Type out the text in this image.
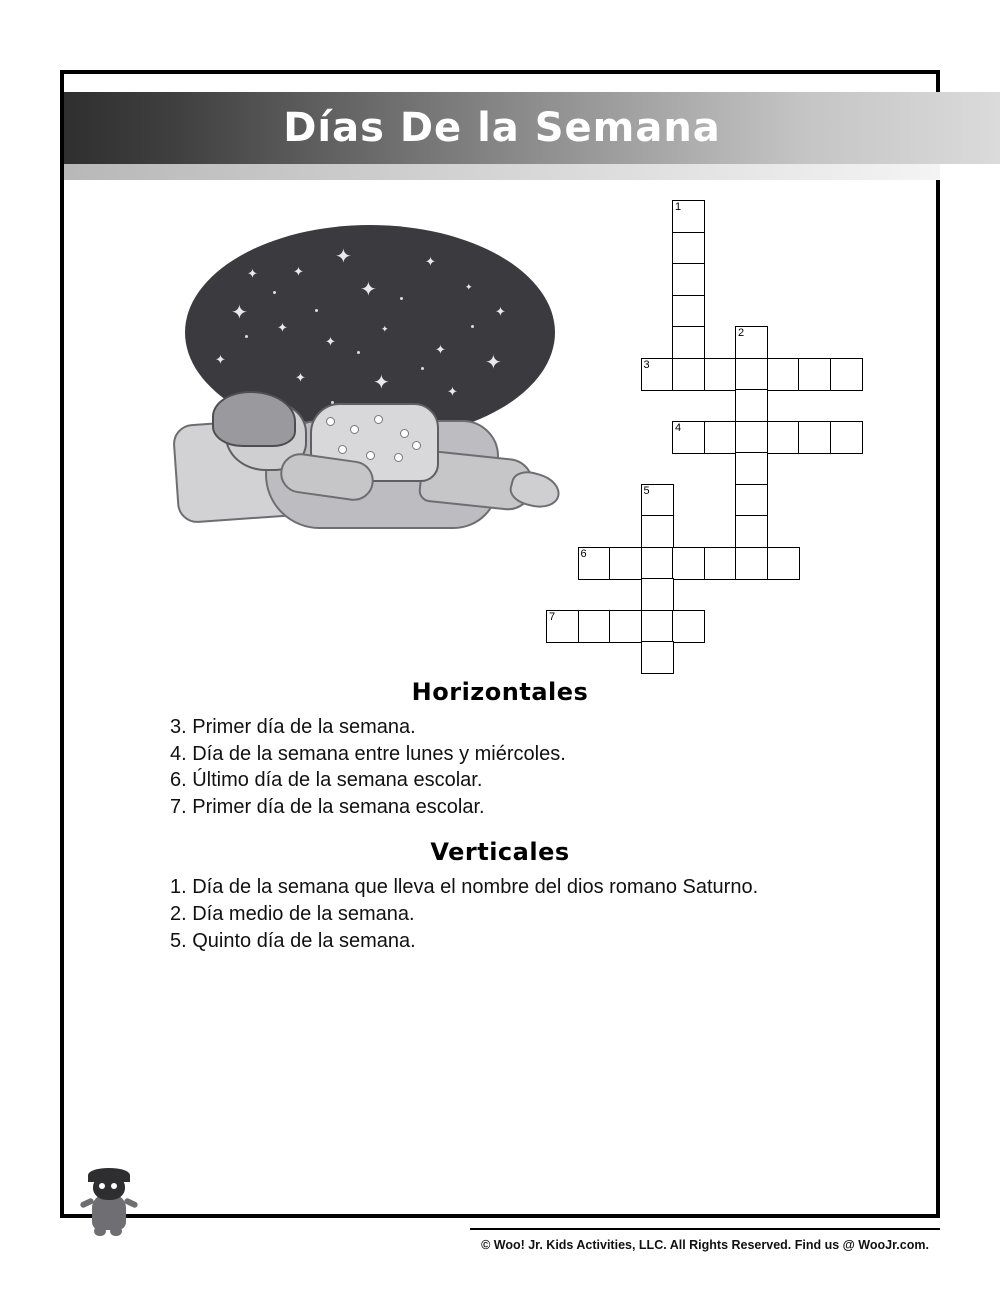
Días De la Semana
✦
✦	✦
✦
✦
✦
✦
✦
✦
✦
✦
✦
✦
✦
✦	✦	✦	✦
✦
1
2
3
4
5
6
7
Horizontales
3. Primer día de la semana.
4. Día de la semana entre lunes y miércoles.
6. Último día de la semana escolar.
7. Primer día de la semana escolar.
Verticales
1. Día de la semana que lleva el nombre del dios romano Saturno.
2. Día medio de la semana.
5. Quinto día de la semana.
© Woo! Jr. Kids Activities, LLC. All Rights Reserved. Find us @ WooJr.com.
